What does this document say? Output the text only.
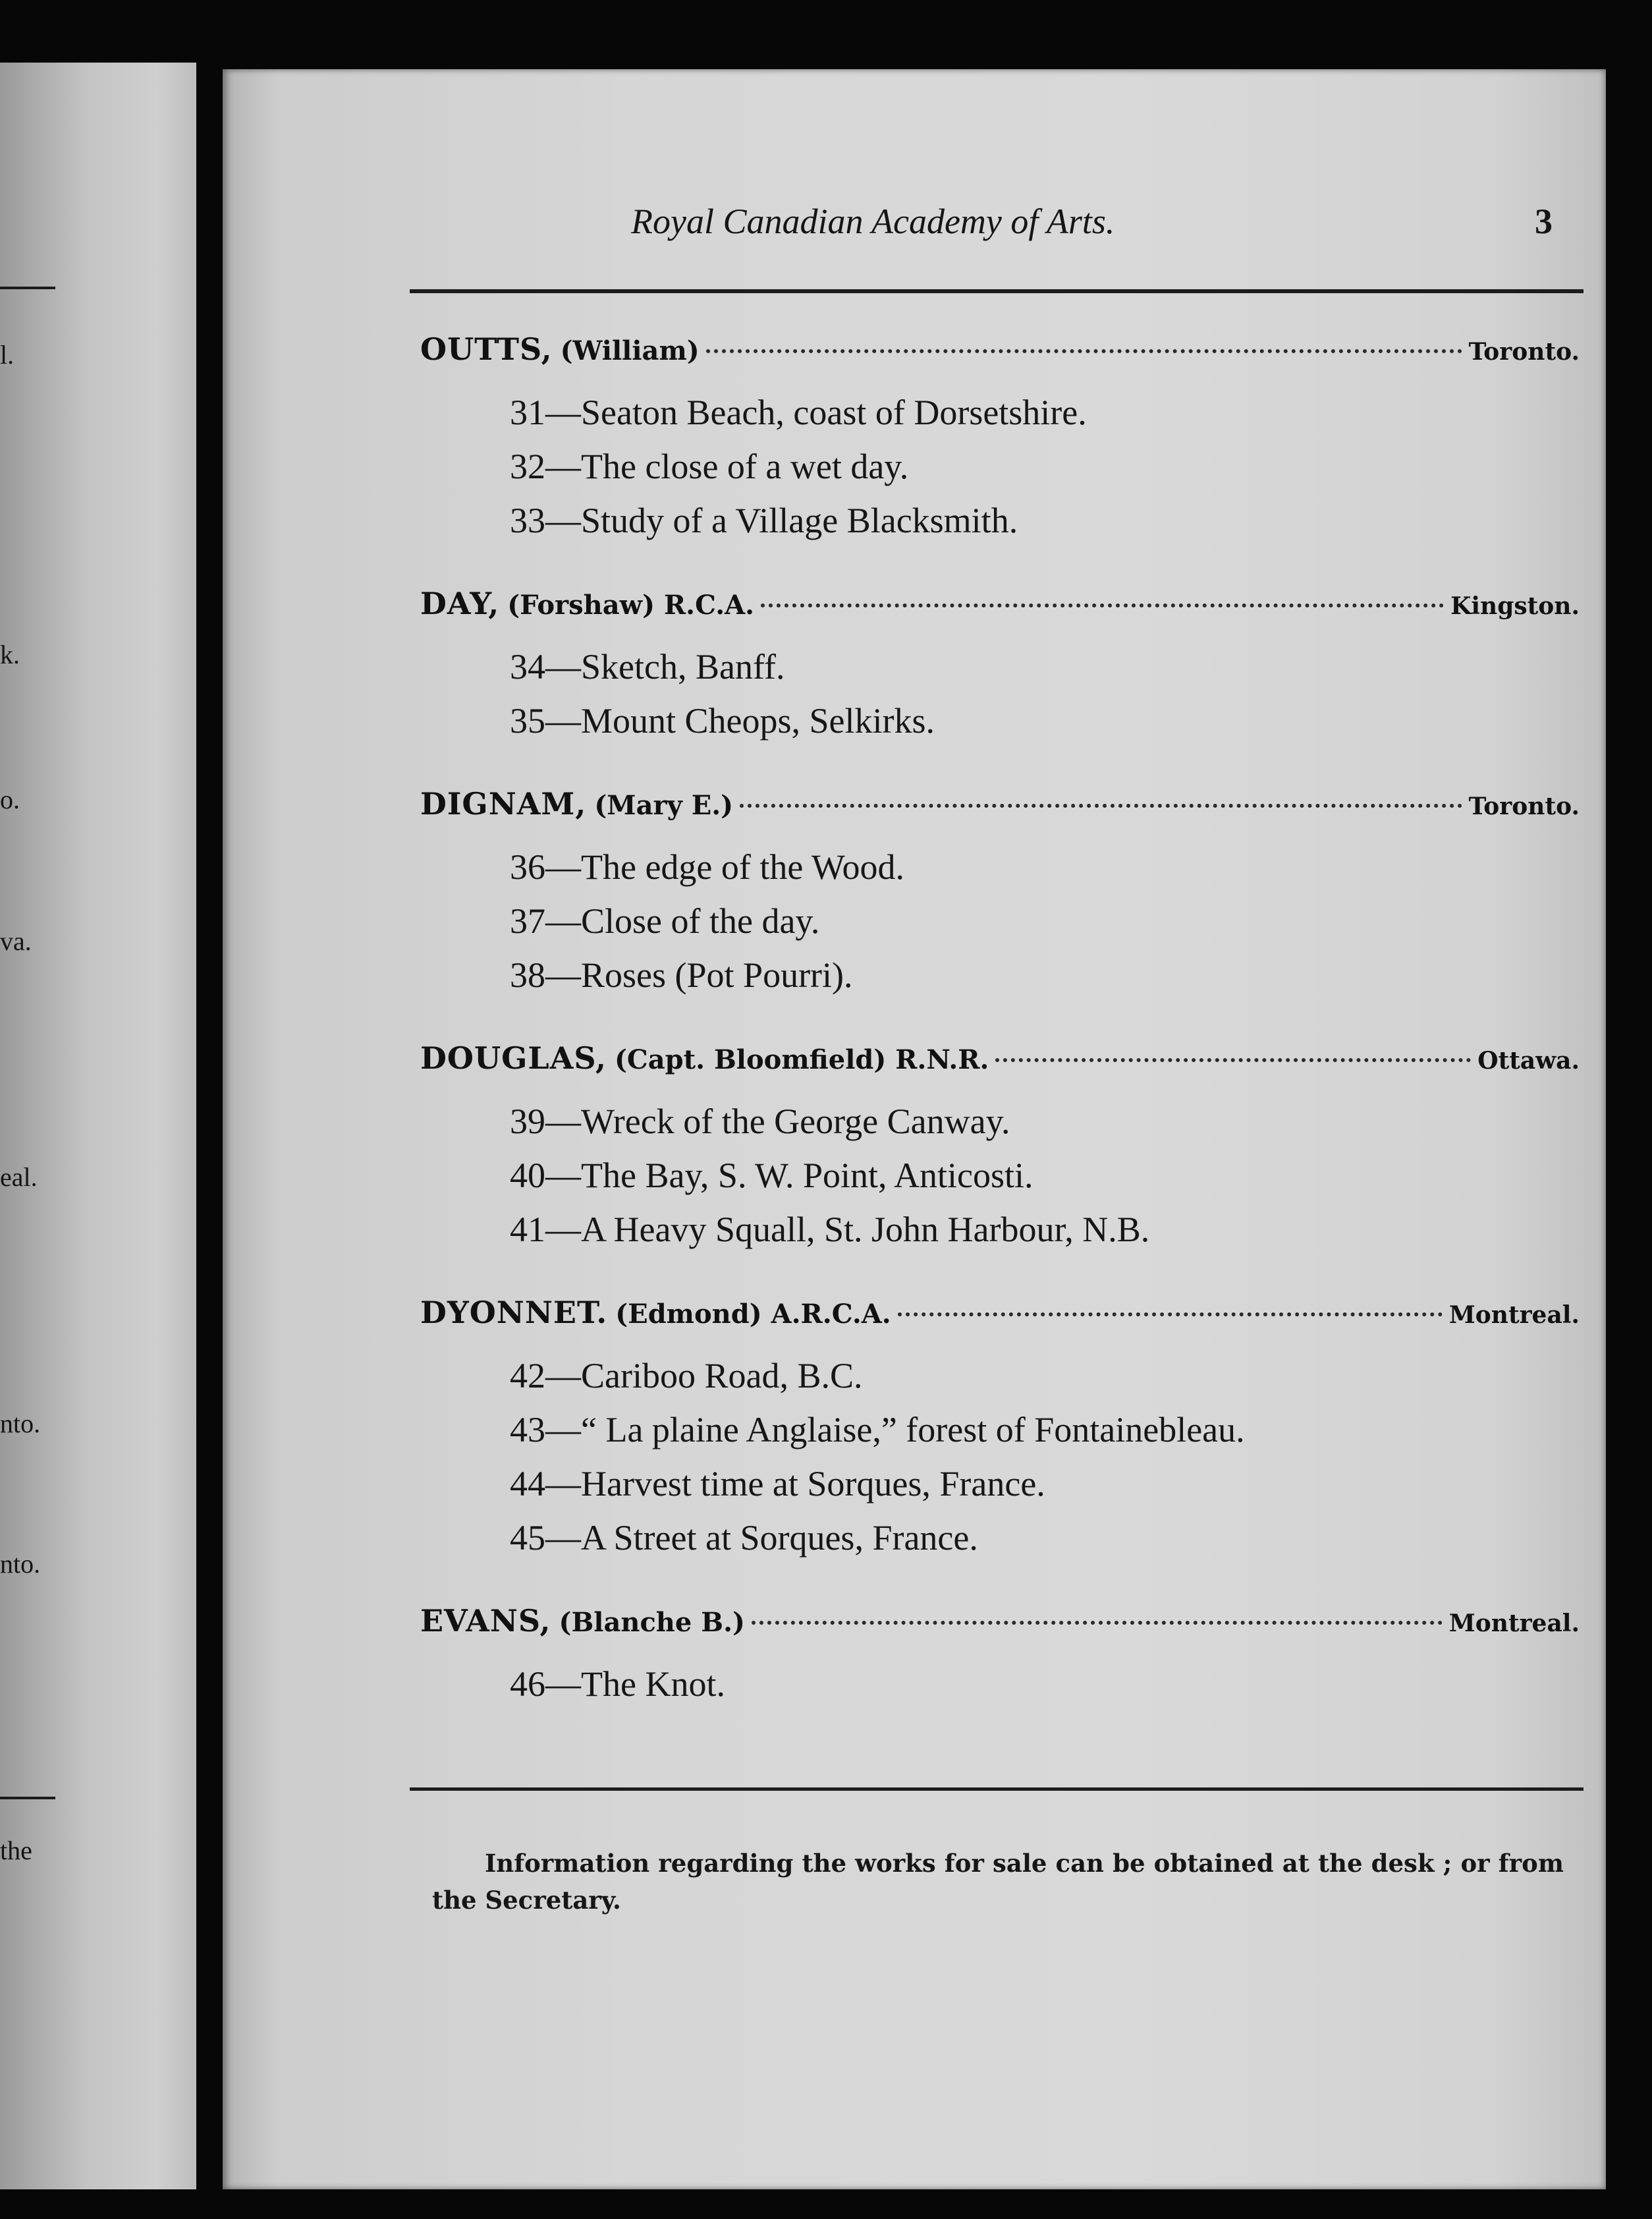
l.
k.
o.
va.
eal.
nto.
nto.
the
Royal Canadian Academy of Arts.	3
OUTTS, (William)	Toronto.
31—Seaton Beach, coast of Dorsetshire.
32—The close of a wet day.
33—Study of a Village Blacksmith.
DAY, (Forshaw) R.C.A.	Kingston.
34—Sketch, Banff.
35—Mount Cheops, Selkirks.
DIGNAM, (Mary E.)	Toronto.
36—The edge of the Wood.
37—Close of the day.
38—Roses (Pot Pourri).
DOUGLAS, (Capt. Bloomfield) R.N.R.	Ottawa.
39—Wreck of the George Canway.
40—The Bay, S. W. Point, Anticosti.
41—A Heavy Squall, St. John Harbour, N.B.
DYONNET. (Edmond) A.R.C.A.	Montreal.
42—Cariboo Road, B.C.
43—“ La plaine Anglaise,” forest of Fontainebleau.
44—Harvest time at Sorques, France.
45—A Street at Sorques, France.
EVANS, (Blanche B.)	Montreal.
46—The Knot.

Information regarding the works for sale can be obtained at the desk ; or from the Secretary.
